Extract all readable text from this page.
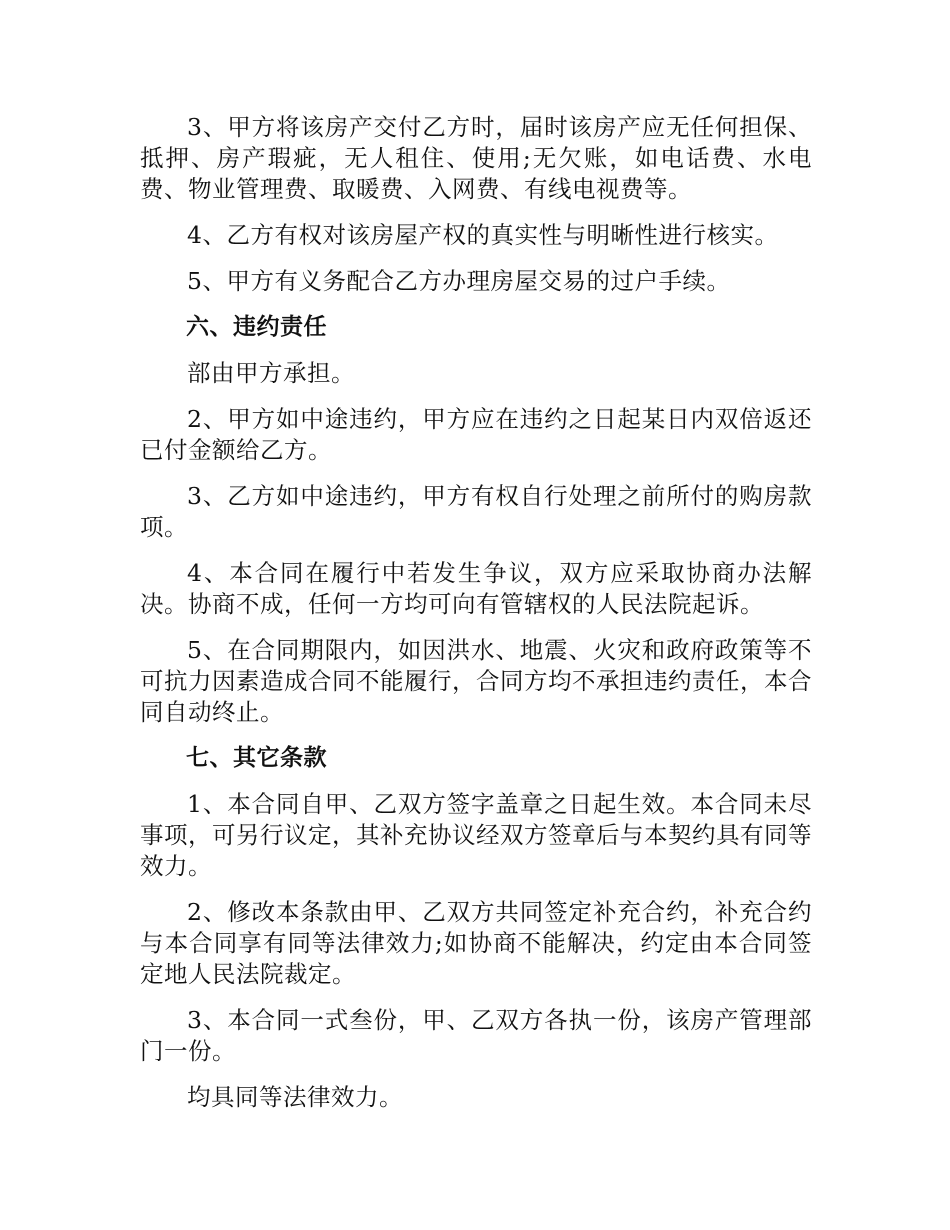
3、甲方将该房产交付乙方时，届时该房产应无任何担保、抵押、房产瑕疵，无人租住、使用;无欠账，如电话费、水电费、物业管理费、取暖费、入网费、有线电视费等。

4、乙方有权对该房屋产权的真实性与明晰性进行核实。

5、甲方有义务配合乙方办理房屋交易的过户手续。

六、违约责任

部由甲方承担。

2、甲方如中途违约，甲方应在违约之日起某日内双倍返还已付金额给乙方。

3、乙方如中途违约，甲方有权自行处理之前所付的购房款项。

4、本合同在履行中若发生争议，双方应采取协商办法解决。协商不成，任何一方均可向有管辖权的人民法院起诉。

5、在合同期限内，如因洪水、地震、火灾和政府政策等不可抗力因素造成合同不能履行，合同方均不承担违约责任，本合同自动终止。

七、其它条款

1、本合同自甲、乙双方签字盖章之日起生效。本合同未尽事项，可另行议定，其补充协议经双方签章后与本契约具有同等效力。

2、修改本条款由甲、乙双方共同签定补充合约，补充合约与本合同享有同等法律效力;如协商不能解决，约定由本合同签定地人民法院裁定。

3、本合同一式叁份，甲、乙双方各执一份，该房产管理部门一份。

均具同等法律效力。
